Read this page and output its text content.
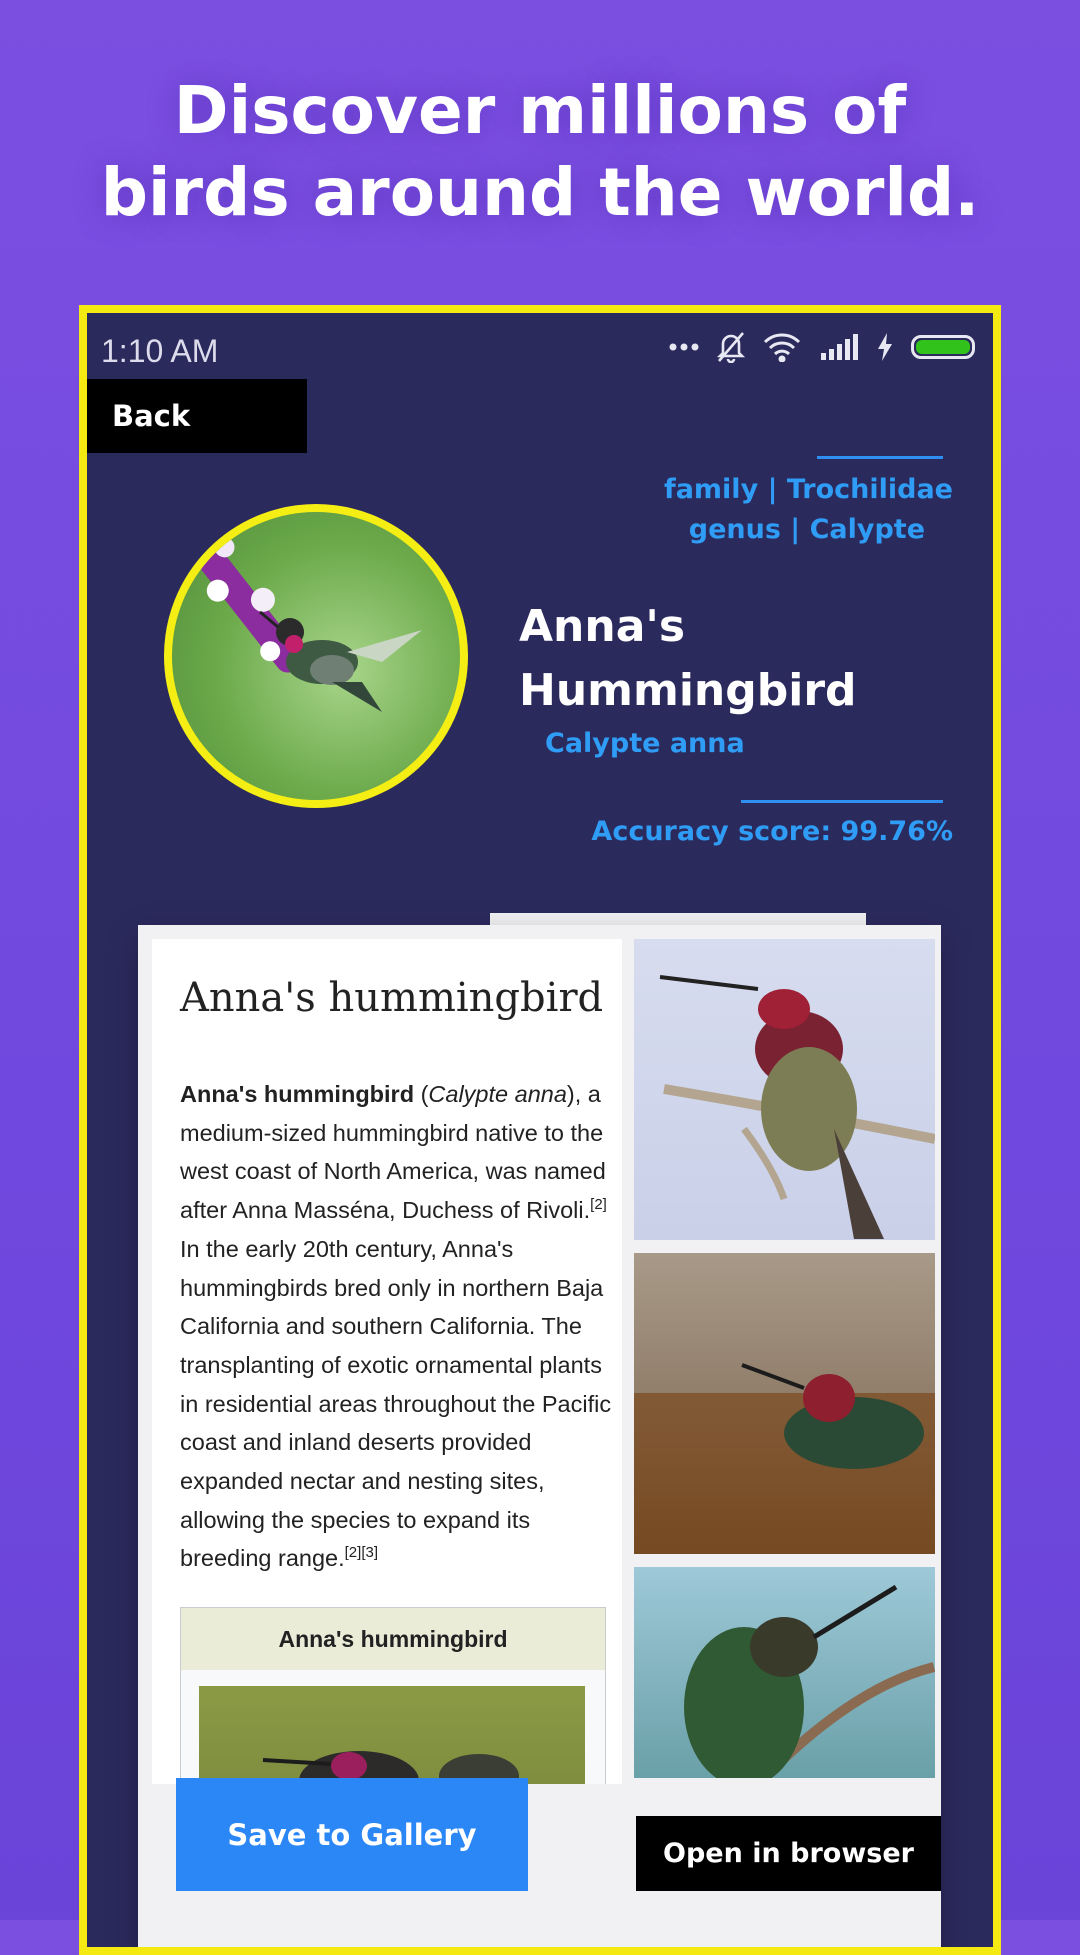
Discover millions of
birds around the world.
1:10 AM
Back
family | Trochilidae
genus | Calypte
Anna's
Hummingbird
Calypte anna
Accuracy score: 99.76%
Anna's hummingbird
Anna's hummingbird (Calypte anna), a medium-sized hummingbird native to the west coast of North America, was named after Anna Masséna, Duchess of Rivoli.[2] In the early 20th century, Anna's hummingbirds bred only in northern Baja California and southern California. The transplanting of exotic ornamental plants in residential areas throughout the Pacific coast and inland deserts provided expanded nectar and nesting sites, allowing the species to expand its breeding range.[2][3]
Anna's hummingbird
Save to Gallery
Open in browser
